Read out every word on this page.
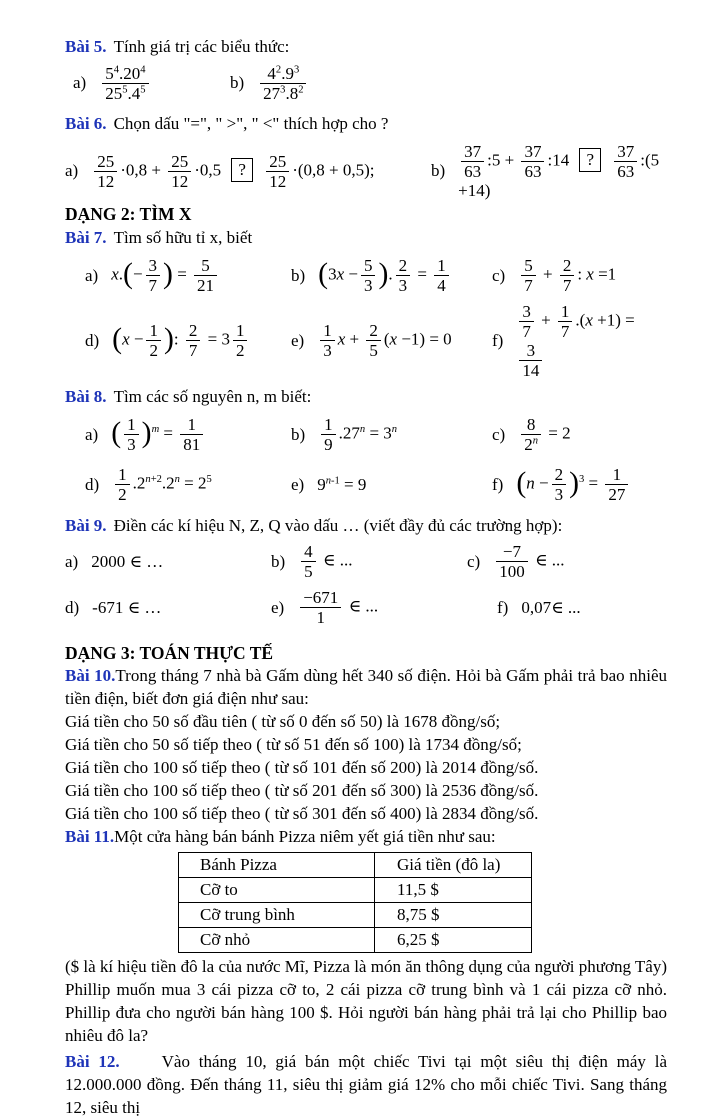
Bài 5. Tính giá trị các biểu thức:

$a) \frac{5^4.20^4}{25^5.4^5}$	$b) \frac{4^2.9^3}{27^3.8^2}$

Bài 6. Chọn dấu "=", " >", " <" thích hợp cho ?

$a) \frac{25}{12} \cdot 0,8 + \frac{25}{12} \cdot 0,5$ ? $\frac{25}{12} \cdot(0,8 + 0,5)$;	$b) \frac{37}{63}$ :5 + $\frac{37}{63}$ :14 ? $\frac{37}{63}$ :(5 +14)

DẠNG 2: TÌM X

Bài 7. Tìm số hữu tỉ x, biết

a) $x.(- \frac{3}{7}$ ) = $\frac{5}{21}$	b) ($3x - \frac{5}{3}$ ). $\frac{2}{3} = \frac{1}{4}$	$c) \frac{5}{7} + \frac{2}{7}$ : x =1
d) ($x - \frac{1}{2}$ ): $\frac{2}{7} = 3 \frac{1}{2}$	$e) \frac{1}{3}$ $x + \frac{2}{5} (x -1) = 0$ $f) \frac{3}{7} + \frac{1}{7} .(x +1)$ =
$\frac{3}{14}$

Bài 8. Tìm các số nguyên n, m biết:

a) ( $\frac{1}{3} )^m = \frac{1}{81}$	$b) \frac{1}{9} .27^n = 3^n$	$c) \frac{8}{2^n} = 2$
$d) \frac{1}{2} .2^{n+2}.2^n = 2^5$	e) $9^{n-1} = 9$	f) $(n - \frac{2}{3} )^3 = \frac{1}{27}$

Bài 9. Điền các kí hiệu N, Z, Q vào dấu … (viết đầy đủ các trường hợp):

a) 2000 ∈ …	$b) \frac{4}{5}$ ∈ ...	$c) \frac{-7}{100}$ ∈ ...
d) -671 ∈ …	$e) \frac{-671}{1}$ ∈ ...	f) 0,07∈ ...

DẠNG 3: TOÁN THỰC TẾ

Bài 10.Trong tháng 7 nhà bà Gấm dùng hết 340 số điện. Hỏi bà Gấm phải trả bao nhiêu tiền điện, biết đơn giá điện như sau:

Giá tiền cho 50 số đầu tiên ( từ số 0 đến số 50) là 1678 đồng/số;

Giá tiền cho 50 số tiếp theo ( từ số 51 đến số 100) là 1734 đồng/số;

Giá tiền cho 100 số tiếp theo ( từ số 101 đến số 200) là 2014 đồng/số.

Giá tiền cho 100 số tiếp theo ( từ số 201 đến số 300) là 2536 đồng/số.

Giá tiền cho 100 số tiếp theo ( từ số 301 đến số 400) là 2834 đồng/số.

Bài 11.Một cửa hàng bán bánh Pizza niêm yết giá tiền như sau:

Bánh Pizza	Giá tiền (đô la)
Cỡ to	11,5 $
Cỡ trung bình	8,75 $
Cỡ nhỏ	6,25 $

($ là kí hiệu tiền đô la của nước Mĩ, Pizza là món ăn thông dụng của người phương Tây) Phillip muốn mua 3 cái pizza cỡ to, 2 cái pizza cỡ trung bình và 1 cái pizza cỡ nhỏ. Phillip đưa cho người bán hàng 100 $. Hỏi người bán hàng phải trả lại cho Phillip bao nhiêu đô la?

Bài 12. Vào tháng 10, giá bán một chiếc Tivi tại một siêu thị điện máy là 12.000.000 đồng. Đến tháng 11, siêu thị giảm giá 12% cho mỗi chiếc Tivi. Sang tháng 12, siêu thị
